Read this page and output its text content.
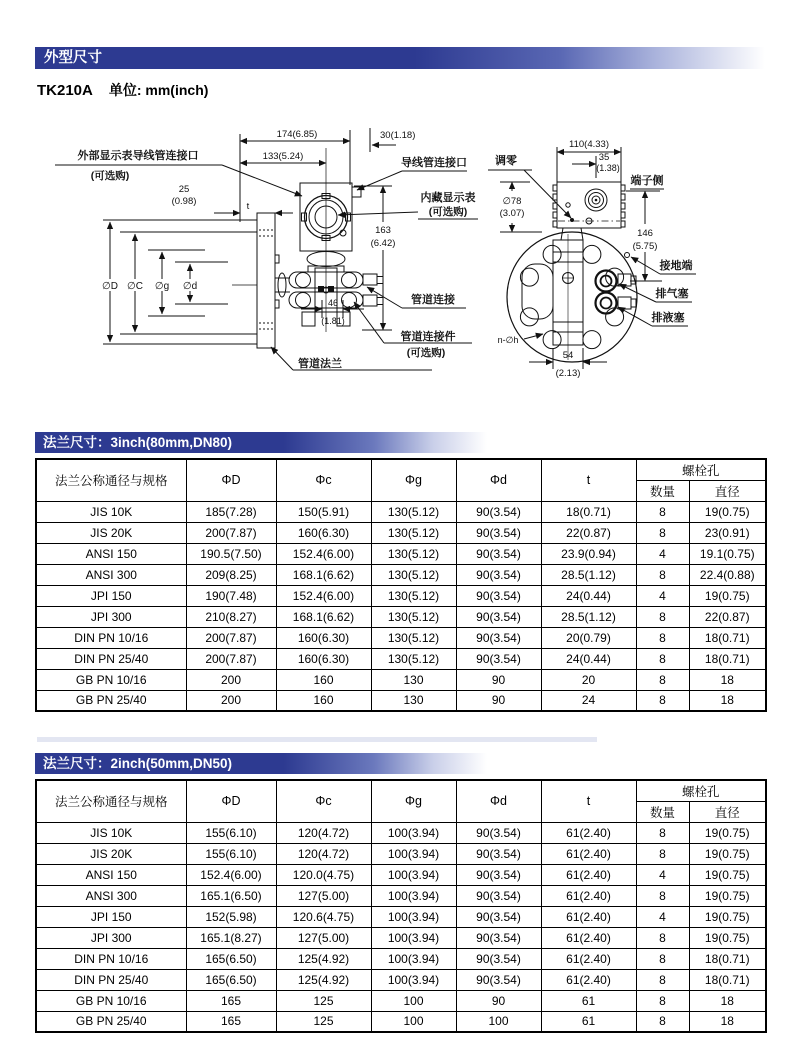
外型尺寸
TK210A 单位: mm(inch)
174(6.85)	30(1.18)
133(5.24)
25
(0.98)	t
163
(6.42)
∅D ∅C ∅g ∅d
46
(1.81)
外部显示表导线管连接口
(可选购)
导线管连接口
内藏显示表
(可选购)
管道连接
管道连接件
(可选购)
管道法兰
110(4.33)
35
(1.38)
调零
∅78
(3.07)
端子侧
146
(5.75)
接地端
排气塞
排液塞
n-∅h
54
(2.13)
法兰尺寸：3inch(80mm,DN80)
法兰公称通径与规格	ΦD	Φc	Φg	Φd	t	螺栓孔	
						数量	直径
JIS 10K	185(7.28)	150(5.91)	130(5.12)	90(3.54)	18(0.71)	8	19(0.75)
JIS 20K	200(7.87)	160(6.30)	130(5.12)	90(3.54)	22(0.87)	8	23(0.91)
ANSI 150	190.5(7.50)	152.4(6.00)	130(5.12)	90(3.54)	23.9(0.94)	4	19.1(0.75)
ANSI 300	209(8.25)	168.1(6.62)	130(5.12)	90(3.54)	28.5(1.12)	8	22.4(0.88)
JPI 150	190(7.48)	152.4(6.00)	130(5.12)	90(3.54)	24(0.44)	4	19(0.75)
JPI 300	210(8.27)	168.1(6.62)	130(5.12)	90(3.54)	28.5(1.12)	8	22(0.87)
DIN PN 10/16	200(7.87)	160(6.30)	130(5.12)	90(3.54)	20(0.79)	8	18(0.71)
DIN PN 25/40	200(7.87)	160(6.30)	130(5.12)	90(3.54)	24(0.44)	8	18(0.71)
GB PN 10/16	200	160	130	90	20	8	18
GB PN 25/40	200	160	130	90	24	8	18
法兰尺寸：2inch(50mm,DN50)
法兰公称通径与规格	ΦD	Φc	Φg	Φd	t	螺栓孔	
						数量	直径
JIS 10K	155(6.10)	120(4.72)	100(3.94)	90(3.54)	61(2.40)	8	19(0.75)
JIS 20K	155(6.10)	120(4.72)	100(3.94)	90(3.54)	61(2.40)	8	19(0.75)
ANSI 150	152.4(6.00)	120.0(4.75)	100(3.94)	90(3.54)	61(2.40)	4	19(0.75)
ANSI 300	165.1(6.50)	127(5.00)	100(3.94)	90(3.54)	61(2.40)	8	19(0.75)
JPI 150	152(5.98)	120.6(4.75)	100(3.94)	90(3.54)	61(2.40)	4	19(0.75)
JPI 300	165.1(8.27)	127(5.00)	100(3.94)	90(3.54)	61(2.40)	8	19(0.75)
DIN PN 10/16	165(6.50)	125(4.92)	100(3.94)	90(3.54)	61(2.40)	8	18(0.71)
DIN PN 25/40	165(6.50)	125(4.92)	100(3.94)	90(3.54)	61(2.40)	8	18(0.71)
GB PN 10/16	165	125	100	90	61	8	18
GB PN 25/40	165	125	100	100	61	8	18
